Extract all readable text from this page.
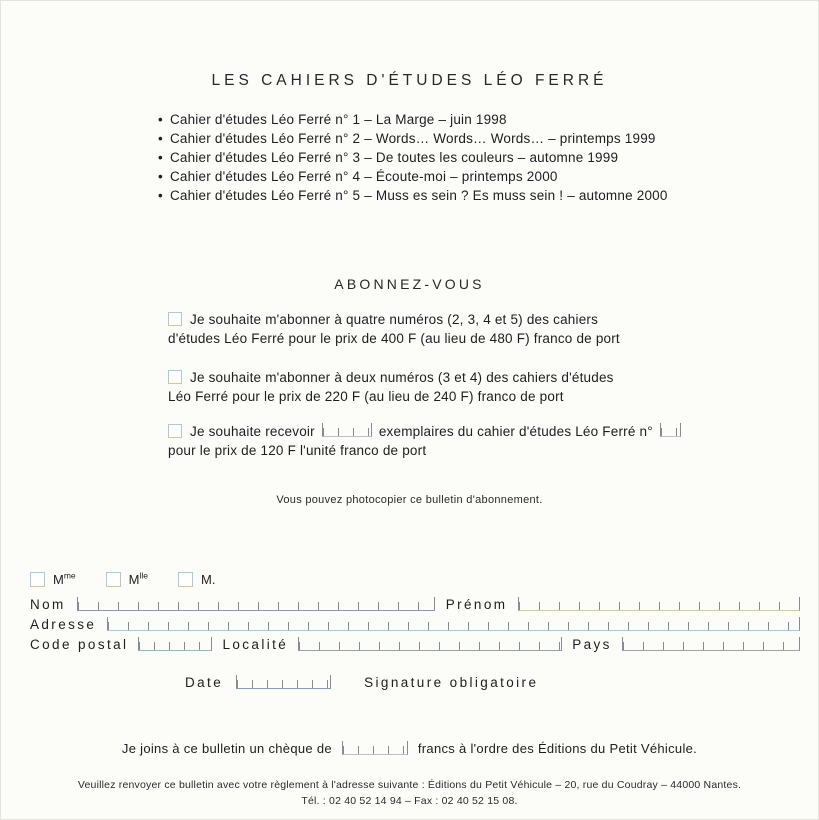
LES CAHIERS D'ÉTUDES LÉO FERRÉ
• Cahier d'études Léo Ferré n° 1 – La Marge – juin 1998
• Cahier d'études Léo Ferré n° 2 – Words… Words… Words… – printemps 1999
• Cahier d'études Léo Ferré n° 3 – De toutes les couleurs – automne 1999
• Cahier d'études Léo Ferré n° 4 – Écoute-moi – printemps 2000
• Cahier d'études Léo Ferré n° 5 – Muss es sein ? Es muss sein ! – automne 2000
ABONNEZ-VOUS
Je souhaite m'abonner à quatre numéros (2, 3, 4 et 5) des cahiers
d'études Léo Ferré pour le prix de 400 F (au lieu de 480 F) franco de port
Je souhaite m'abonner à deux numéros (3 et 4) des cahiers d'études
Léo Ferré pour le prix de 220 F (au lieu de 240 F) franco de port
Je souhaite recevoir	exemplaires du cahier d'études Léo Ferré n°
pour le prix de 120 F l'unité franco de port
Vous pouvez photocopier ce bulletin d'abonnement.
$M^{me}$	$M^{lle}$	M.
Nom	Prénom
Adresse
Code postal	Localité	Pays
Date	Signature obligatoire
Je joins à ce bulletin un chèque de	francs à l'ordre des Éditions du Petit Véhicule.
Veuillez renvoyer ce bulletin avec votre règlement à l'adresse suivante : Éditions du Petit Véhicule – 20, rue du Coudray – 44000 Nantes.
Tél. : 02 40 52 14 94 – Fax : 02 40 52 15 08.
